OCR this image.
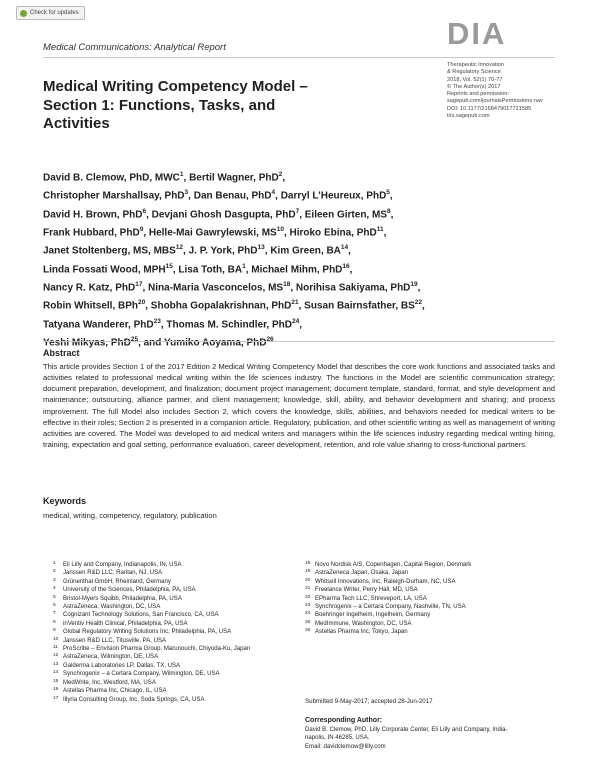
Check for updates
Medical Communications: Analytical Report	DIA
Therapeutic Innovation
& Regulatory Science
2018, Vol. 52(1) 70-77
© The Author(s) 2017
Reprints and permission:
sagepub.com/journalsPermissions.nav
DOI: 10.1177/2168479017721585
tirs.sagepub.com
Medical Writing Competency Model – Section 1: Functions, Tasks, and Activities
David B. Clemow, PhD, MWC$^1$, Bertil Wagner, PhD$^2$,
Christopher Marshallsay, PhD$^3$, Dan Benau, PhD$^4$, Darryl L’Heureux, PhD$^5$,
David H. Brown, PhD$^6$, Devjani Ghosh Dasgupta, PhD$^7$, Eileen Girten, $MS^8$,
Frank Hubbard, PhD$^9$, Helle-Mai Gawrylewski, MS$^{10}$, Hiroko Ebina, PhD$^{11}$,
Janet Stoltenberg, MS, MBS$^{12}$, J. P. York, PhD$^{13}$, Kim Green, BA$^{14}$,
Linda Fossati Wood, MPH$^{15}$, Lisa Toth, $BA^1$, Michael Mihm, PhD$^{16}$,
Nancy R. Katz, PhD$^{17}$, Nina-Maria Vasconcelos, MS$^{18}$, Norihisa Sakiyama, PhD$^{19}$,
Robin Whitsell, BPh$^{20}$, Shobha Gopalakrishnan, PhD$^{21}$, Susan Bairnsfather, BS$^{22}$,
Tatyana Wanderer, PhD$^{23}$, Thomas M. Schindler, PhD$^{24}$,
Yeshi Mikyas, PhD$^{25}$, and Yumiko Aoyama, PhD$^{26}$
Abstract
This article provides Section 1 of the 2017 Edition 2 Medical Writing Competency Model that describes the core work functions and associated tasks and activities related to professional medical writing within the life sciences industry. The functions in the Model are scientific communication strategy; document preparation, development, and finalization; document project management; document template, standard, format, and style development and maintenance; outsourcing, alliance partner, and client management; knowledge, skill, ability, and behavior development and sharing; and process improvement. The full Model also includes Section 2, which covers the knowledge, skills, abilities, and behaviors needed for medical writers to be effective in their roles; Section 2 is presented in a companion article. Regulatory, publication, and other scientific writing as well as management of writing activities are covered. The Model was developed to aid medical writers and managers within the life sciences industry regarding medical writing hiring, training, expectation and goal setting, performance evaluation, career development, retention, and role value sharing to cross-functional partners.
Keywords
medical, writing, competency, regulatory, publication
1	Eli Lilly and Company, Indianapolis, IN, USA
2	Janssen R&D LLC, Raritan, NJ, USA
3	Grünenthal GmbH, Rheinland, Germany
4	University of the Sciences, Philadelphia, PA, USA
5	Bristol-Myers Squibb, Philadelphia, PA, USA
6	AstraZeneca, Washington, DC, USA
7	Cognizant Technology Solutions, San Francisco, CA, USA
8	inVentiv Health Clinical, Philadelphia, PA, USA
9	Global Regulatory Writing Solutions Inc, Philadelphia, PA, USA
10 Janssen R&D LLC, Titusville, PA, USA
11 ProScribe – Envision Pharma Group, Marunouchi, Chiyoda-Ku, Japan
12 AstraZeneca, Wilmington, DE, USA
13 Galderma Laboratories LP, Dallas, TX, USA
14 Synchrogenix – a Certara Company, Wilmington, DE, USA
15 MedWrite, Inc, Westford, MA, USA
16 Astellas Pharma Inc, Chicago, IL, USA
17 Illyria Consulting Group, Inc, Soda Springs, CA, USA
18 Novo Nordisk A/S, Copenhagen, Capital Region, Denmark
19 AstraZeneca Japan, Osaka, Japan
20 Whitsell Innovations, Inc, Raleigh-Durham, NC, USA
21 Freelance Writer, Perry Hall, MD, USA
22 EPharma Tech LLC, Shreveport, LA, USA
23 Synchrogenix – a Certara Company, Nashville, TN, USA
24 Boehringer Ingelheim, Ingelheim, Germany
25 MedImmune, Washington, DC, USA
26 Astellas Pharma Inc, Tokyo, Japan
Submitted 9-May-2017; accepted 28-Jun-2017
Corresponding Author:
David B. Clemow, PhD, Lilly Corporate Center, Eli Lilly and Company, India-
napolis, IN 46285, USA.
Email: davidclemow@lilly.com
